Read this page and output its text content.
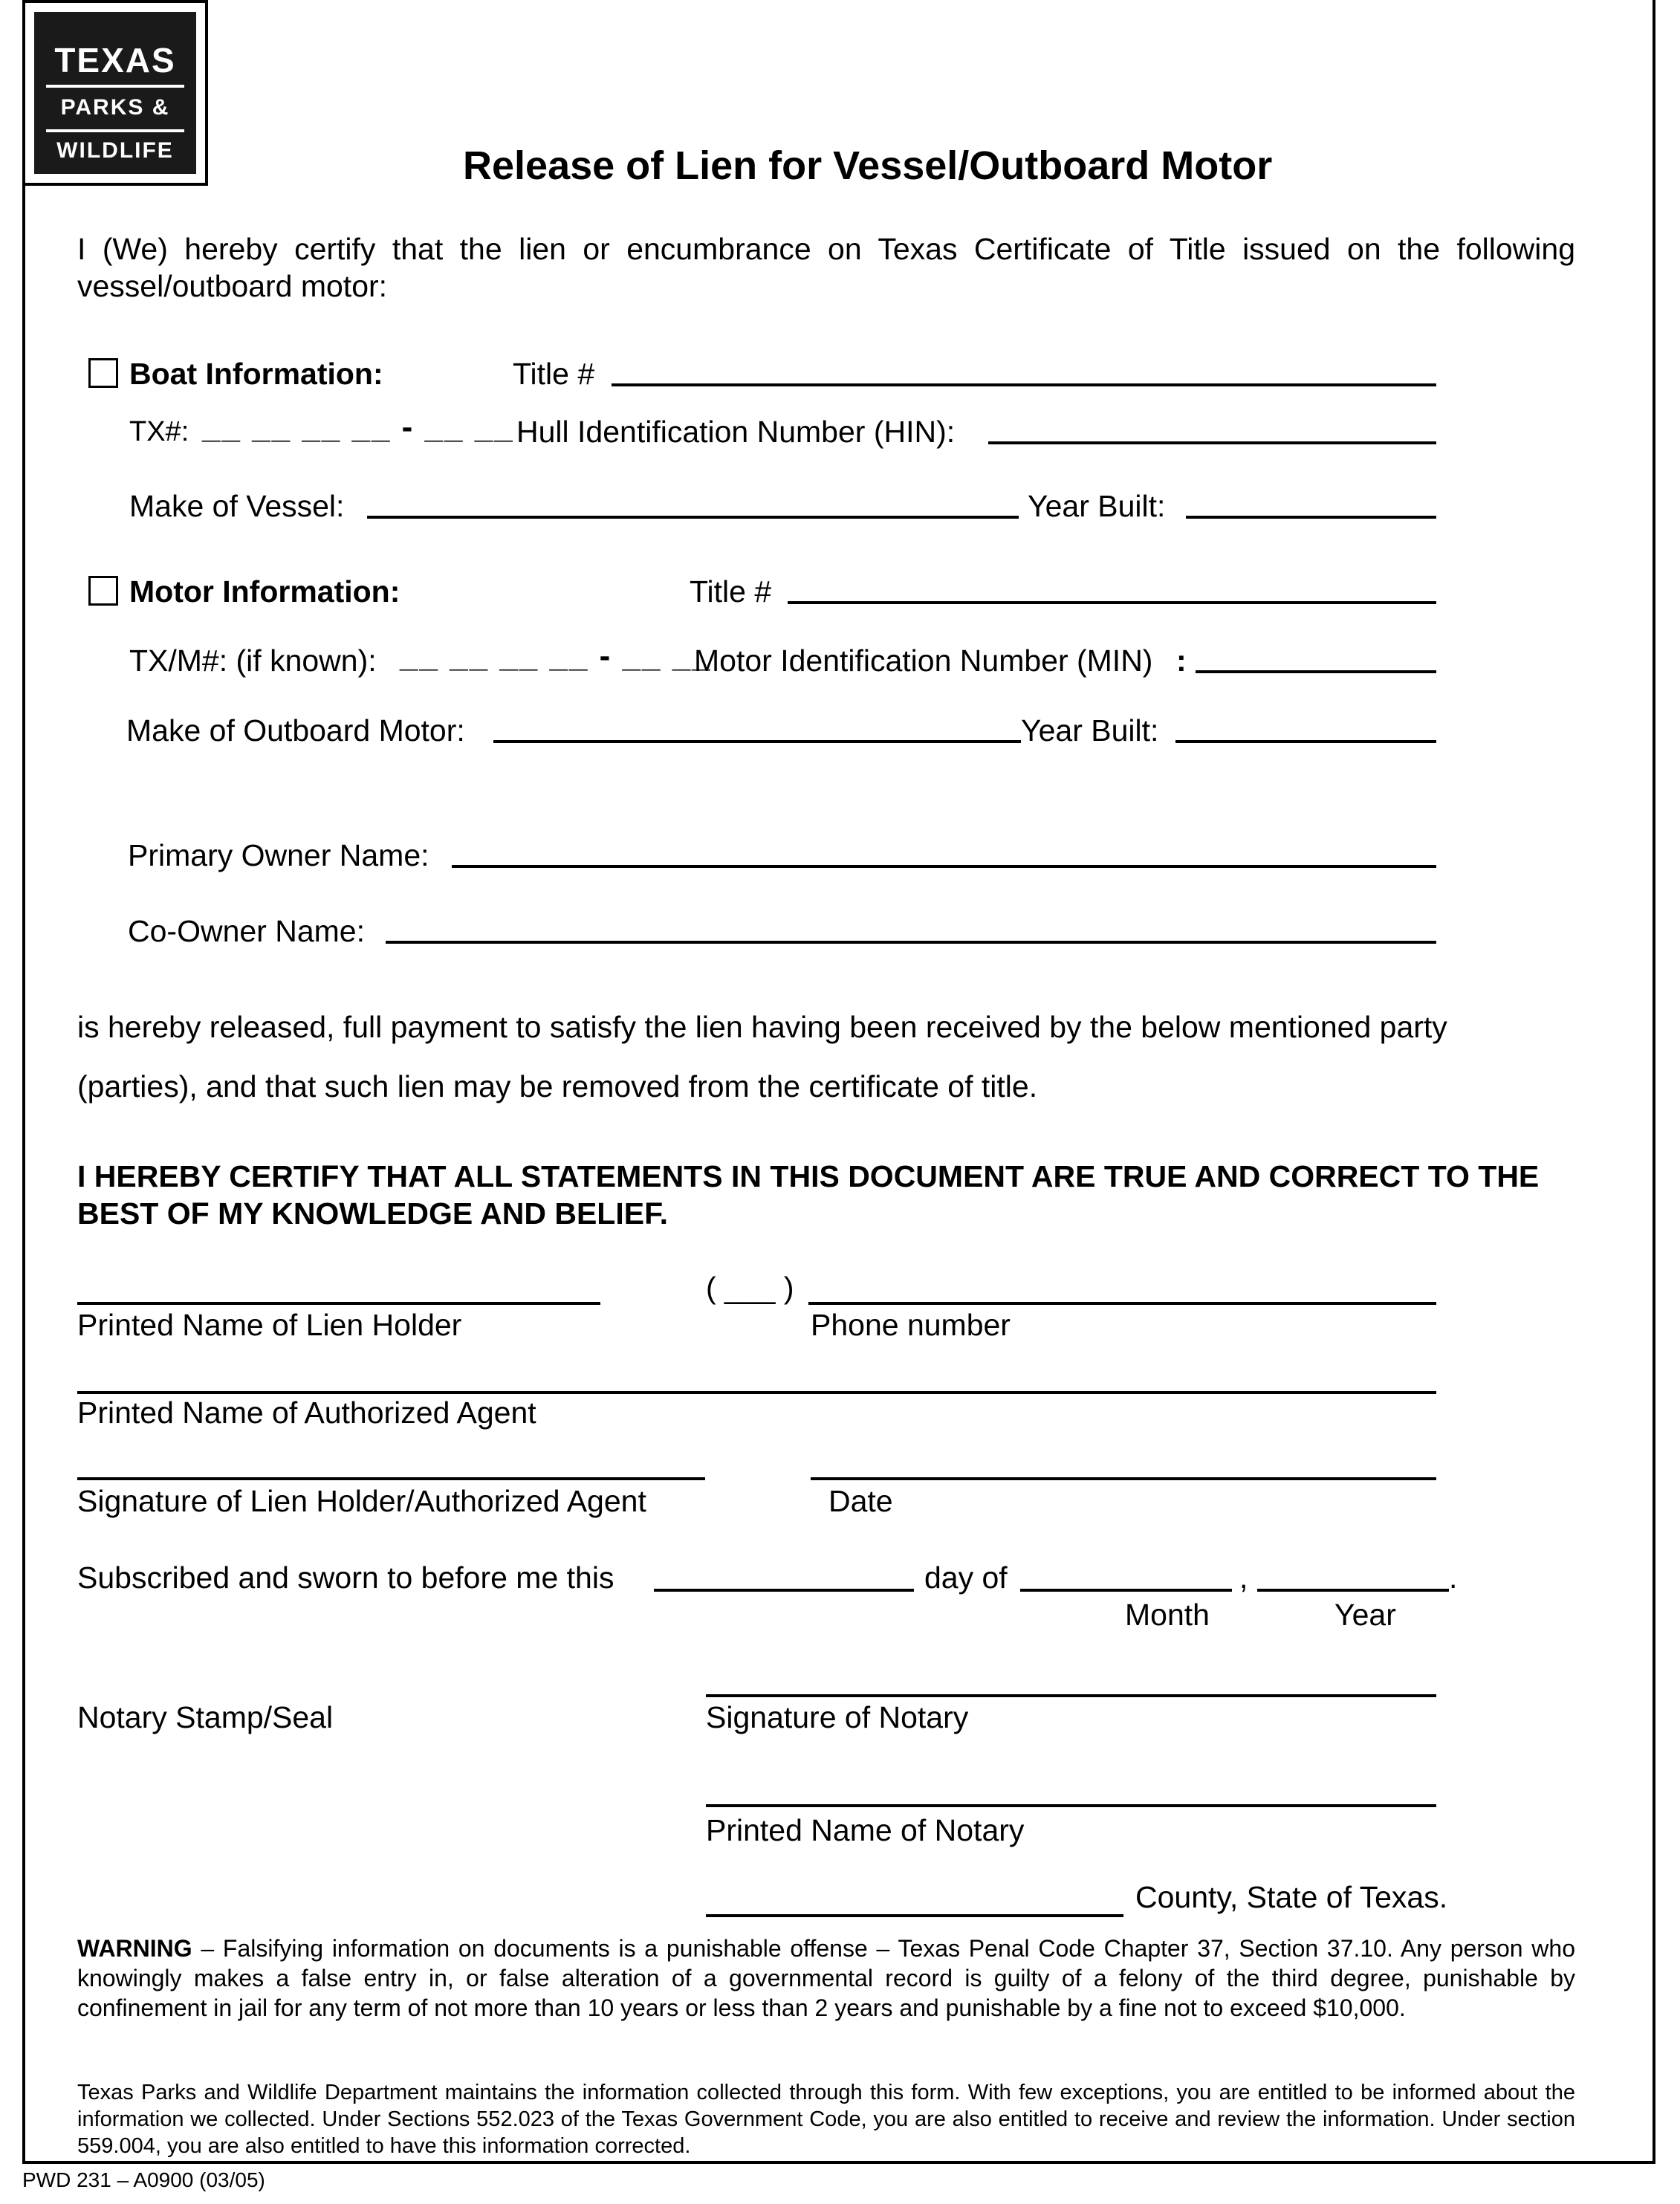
TEXAS
PARKS &
WILDLIFE	Release of Lien for Vessel/Outboard Motor
I (We) hereby certify that the lien or encumbrance on Texas Certificate of Title issued on the following vessel/outboard motor:
Boat Information:	Title #
TX#: __ __ __ __ - __ __ Hull Identification Number (HIN):
Make of Vessel:	Year Built:
Motor Information:	Title #
TX/M#: (if known): __ __ __ __ - __ __
Motor Identification Number (MIN) :
Make of Outboard Motor:	Year Built:
Primary Owner Name:
Co-Owner Name:
is hereby released, full payment to satisfy the lien having been received by the below mentioned party (parties), and that such lien may be removed from the certificate of title.
I HEREBY CERTIFY THAT ALL STATEMENTS IN THIS DOCUMENT ARE TRUE AND CORRECT TO THE BEST OF MY KNOWLEDGE AND BELIEF.
( ___ )
Printed Name of Lien Holder	Phone number
Printed Name of Authorized Agent
Signature of Lien Holder/Authorized Agent	Date
Subscribed and sworn to before me this	day of	,	.
Month	Year
Notary Stamp/Seal	Signature of Notary
Printed Name of Notary
County, State of Texas.
WARNING – Falsifying information on documents is a punishable offense – Texas Penal Code Chapter 37, Section 37.10. Any person who knowingly makes a false entry in, or false alteration of a governmental record is guilty of a felony of the third degree, punishable by confinement in jail for any term of not more than 10 years or less than 2 years and punishable by a fine not to exceed $10,000.
Texas Parks and Wildlife Department maintains the information collected through this form. With few exceptions, you are entitled to be informed about the information we collected. Under Sections 552.023 of the Texas Government Code, you are also entitled to receive and review the information. Under section 559.004, you are also entitled to have this information corrected.
PWD 231 – A0900 (03/05)
